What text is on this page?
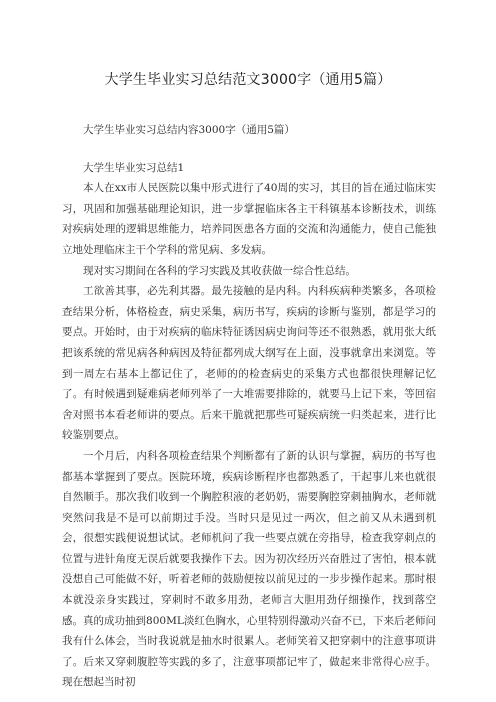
大学生毕业实习总结范文3000字（通用5篇）

大学生毕业实习总结内容3000字（通用5篇）

大学生毕业实习总结1

本人在xx市人民医院以集中形式进行了40周的实习，其目的旨在通过临床实习，巩固和加强基础理论知识，进一步掌握临床各主干科镇基本诊断技术，训练对疾病处理的逻辑思维能力，培养同医患各方面的交流和沟通能力，使自己能独立地处理临床主干个学科的常见病、多发病。

现对实习期间在各科的学习实践及其收获做一综合性总结。

工欲善其事，必先利其器。最先接触的是内科。内科疾病种类繁多，各项检查结果分析，体格检查，病史采集，病历书写，疾病的诊断与鉴别，都是学习的要点。开始时，由于对疾病的临床特征诱因病史询问等还不很熟悉，就用张大纸把该系统的常见病各种病因及特征都列成大纲写在上面，没事就拿出来浏览。等到一周左右基本上都记住了，老师的的检查病史的采集方式也都很快理解记忆了。有时候遇到疑难病老师列举了一大堆需要排除的，就要马上记下来，等回宿舍对照书本看老师讲的要点。后来干脆就把那些可疑疾病统一归类起来，进行比较鉴别要点。

一个月后，内科各项检查结果个判断都有了新的认识与掌握，病历的书写也都基本掌握到了要点。医院环境，疾病诊断程序也都熟悉了，干起事儿来也就很自然顺手。那次我们收到一个胸腔积液的老奶奶，需要胸腔穿刺抽胸水，老师就突然问我是不是可以前期过手没。当时只是见过一两次，但之前又从未遇到机会，很想实践便说想试试。老师机问了我一些要点就在旁指导，检查我穿刺点的位置与进针角度无误后就要我操作下去。因为初次经历兴奋胜过了害怕，根本就没想自己可能做不好，听着老师的鼓励便按以前见过的一步步操作起来。那时根本就没亲身实践过，穿刺时不敢多用劲，老师言大胆用劲仔细操作，找到落空感。真的成功抽到800ML淡红色胸水，心里特别得激动兴奋不已，下来后老师问我有什么体会，当时我说就是抽水时很累人。老师笑着又把穿刺中的注意事项讲了。后来又穿刺腹腔等实践的多了，注意事项都记牢了，做起来非常得心应手。现在想起当时初
